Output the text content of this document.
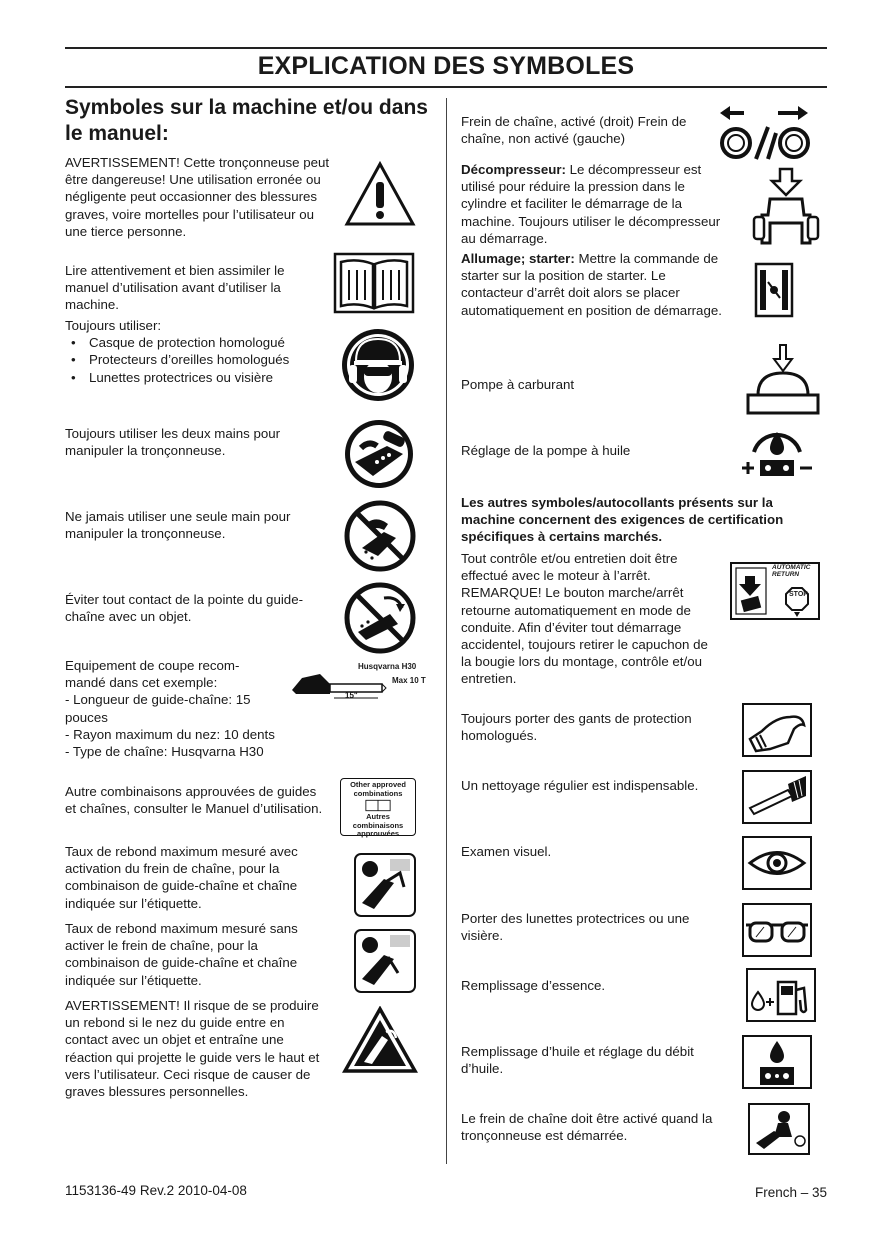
EXPLICATION DES SYMBOLES
Symboles sur la machine et/ou dans le manuel:
AVERTISSEMENT! Cette tronçonneuse peut être dangereuse! Une utilisation erronée ou négligente peut occasionner des blessures graves, voire mortelles pour l’utilisateur ou une tierce personne.
Lire attentivement et bien assimiler le manuel d’utilisation avant d’utiliser la machine.
Toujours utiliser:
• Casque de protection homologué
• Protecteurs d’oreilles homologués
• Lunettes protectrices ou visière
Toujours utiliser les deux mains pour manipuler la tronçonneuse.
Ne jamais utiliser une seule main pour manipuler la tronçonneuse.
Éviter tout contact de la pointe du guide-chaîne avec un objet.
Equipement de coupe recom-
mandé dans cet exemple:
- Longueur de guide-chaîne: 15
pouces
- Rayon maximum du nez: 10 dents
- Type de chaîne: Husqvarna H30
Husqvarna H30
Max 10 T
15"
Autre combinaisons approuvées de guides et chaînes, consulter le Manuel d’utilisation.
Other approved
combinations
Autres combinaisons
approuvées
Taux de rebond maximum mesuré avec activation du frein de chaîne, pour la combinaison de guide-chaîne et chaîne indiquée sur l’étiquette.
Taux de rebond maximum mesuré sans activer le frein de chaîne, pour la combinaison de guide-chaîne et chaîne indiquée sur l’étiquette.
AVERTISSEMENT! Il risque de se produire un rebond si le nez du guide entre en contact avec un objet et entraîne une réaction qui projette le guide vers le haut et vers l’utilisateur. Ceci risque de causer de graves blessures personnelles.
Frein de chaîne, activé (droit) Frein de chaîne, non activé (gauche)
Décompresseur: Le décompresseur est utilisé pour réduire la pression dans le cylindre et faciliter le démarrage de la machine. Toujours utiliser le décompresseur au démarrage.
Allumage; starter: Mettre la commande de starter sur la position de starter. Le contacteur d’arrêt doit alors se placer automatiquement en position de démarrage.
Pompe à carburant
Réglage de la pompe à huile
Les autres symboles/autocollants présents sur la machine concernent des exigences de certification spécifiques à certains marchés.
Tout contrôle et/ou entretien doit être effectué avec le moteur à l’arrêt. REMARQUE! Le bouton marche/arrêt retourne automatiquement en mode de conduite. Afin d’éviter tout démarrage accidentel, toujours retirer le capuchon de la bougie lors du montage, contrôle et/ou entretien.
AUTOMATIC
RETURN
STOP
Toujours porter des gants de protection homologués.
Un nettoyage régulier est indispensable.
Examen visuel.
Porter des lunettes protectrices ou une visière.
Remplissage d’essence.
Remplissage d’huile et réglage du débit d’huile.
Le frein de chaîne doit être activé quand la tronçonneuse est démarrée.
1153136-49 Rev.2 2010-04-08	French – 35
